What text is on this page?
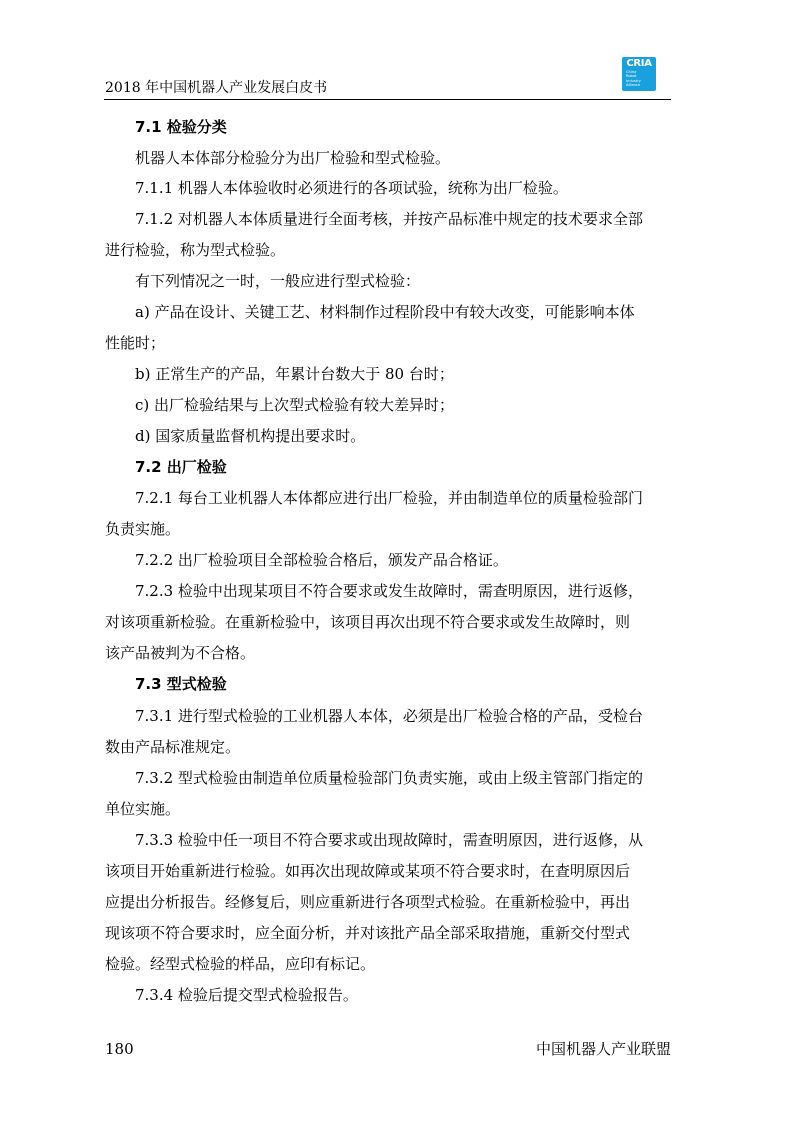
2018 年中国机器人产业发展白皮书
CRIA
China
Robot
Industry
Alliance
7.1 检验分类
机器人本体部分检验分为出厂检验和型式检验。
7.1.1 机器人本体验收时必须进行的各项试验，统称为出厂检验。
7.1.2 对机器人本体质量进行全面考核，并按产品标准中规定的技术要求全部
进行检验，称为型式检验。
有下列情况之一时，一般应进行型式检验：
a) 产品在设计、关键工艺、材料制作过程阶段中有较大改变，可能影响本体
性能时；
b) 正常生产的产品，年累计台数大于 80 台时；
c) 出厂检验结果与上次型式检验有较大差异时；
d) 国家质量监督机构提出要求时。
7.2 出厂检验
7.2.1 每台工业机器人本体都应进行出厂检验，并由制造单位的质量检验部门
负责实施。
7.2.2 出厂检验项目全部检验合格后，颁发产品合格证。
7.2.3 检验中出现某项目不符合要求或发生故障时，需查明原因，进行返修，
对该项重新检验。在重新检验中，该项目再次出现不符合要求或发生故障时，则
该产品被判为不合格。
7.3 型式检验
7.3.1 进行型式检验的工业机器人本体，必须是出厂检验合格的产品，受检台
数由产品标准规定。
7.3.2 型式检验由制造单位质量检验部门负责实施，或由上级主管部门指定的
单位实施。
7.3.3 检验中任一项目不符合要求或出现故障时，需查明原因，进行返修，从
该项目开始重新进行检验。如再次出现故障或某项不符合要求时，在查明原因后
应提出分析报告。经修复后，则应重新进行各项型式检验。在重新检验中，再出
现该项不符合要求时，应全面分析，并对该批产品全部采取措施，重新交付型式
检验。经型式检验的样品，应印有标记。
7.3.4 检验后提交型式检验报告。
180	中国机器人产业联盟
